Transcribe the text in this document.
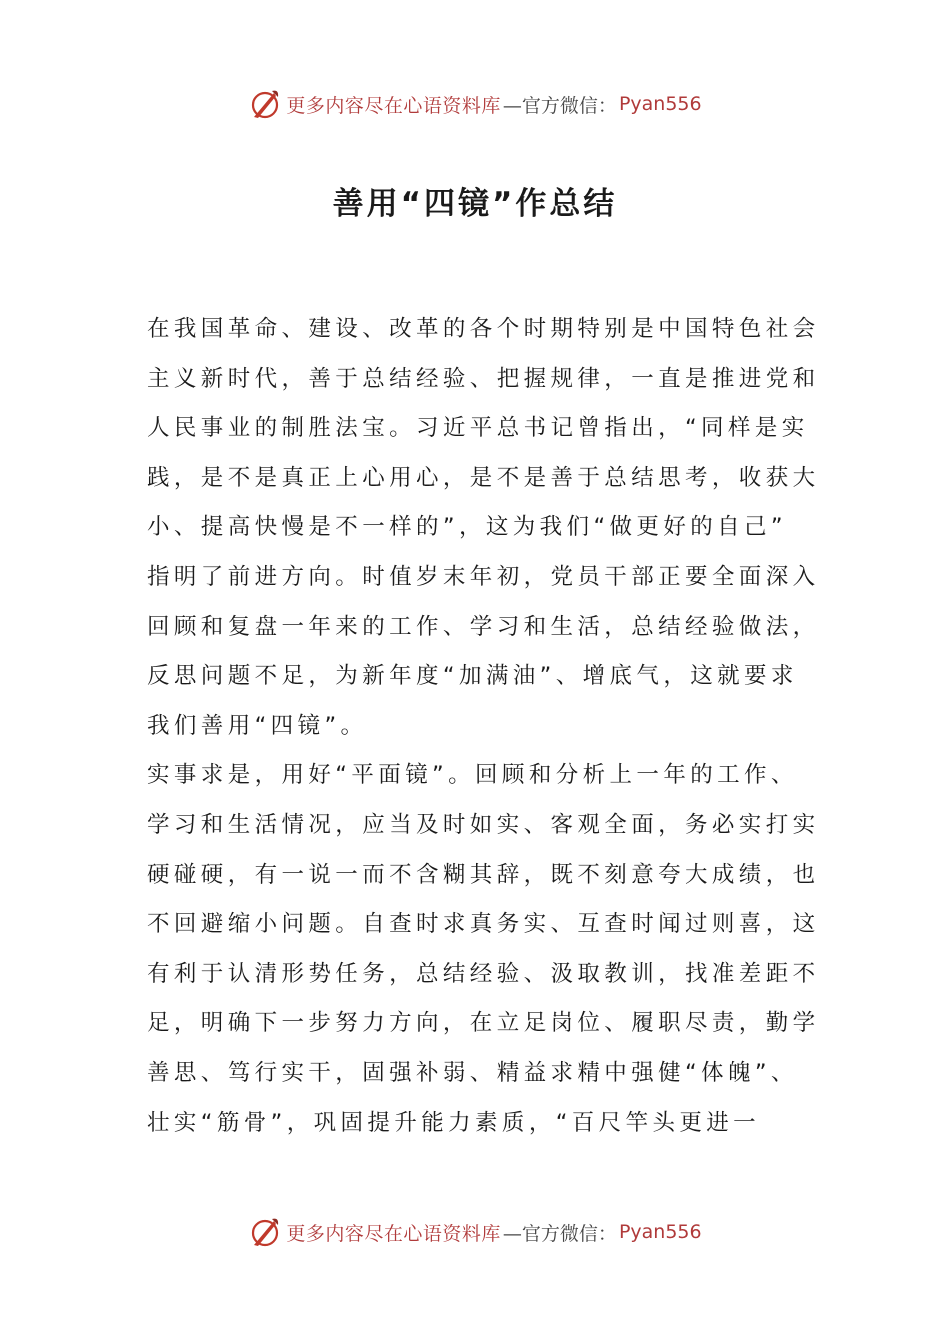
更多内容尽在心语资料库 —官方微信： Pyan556
善用“四镜”作总结
在我国革命、建设、改革的各个时期特别是中国特色社会
主义新时代，善于总结经验、把握规律，一直是推进党和
人民事业的制胜法宝。习近平总书记曾指出，“同样是实
践，是不是真正上心用心，是不是善于总结思考，收获大
小、提高快慢是不一样的”，这为我们“做更好的自己”
指明了前进方向。时值岁末年初，党员干部正要全面深入
回顾和复盘一年来的工作、学习和生活，总结经验做法，
反思问题不足，为新年度“加满油”、增底气，这就要求
我们善用“四镜”。
实事求是，用好“平面镜”。回顾和分析上一年的工作、
学习和生活情况，应当及时如实、客观全面，务必实打实
硬碰硬，有一说一而不含糊其辞，既不刻意夸大成绩，也
不回避缩小问题。自查时求真务实、互查时闻过则喜，这
有利于认清形势任务，总结经验、汲取教训，找准差距不
足，明确下一步努力方向，在立足岗位、履职尽责，勤学
善思、笃行实干，固强补弱、精益求精中强健“体魄”、
壮实“筋骨”，巩固提升能力素质，“百尺竿头更进一
更多内容尽在心语资料库 —官方微信： Pyan556
